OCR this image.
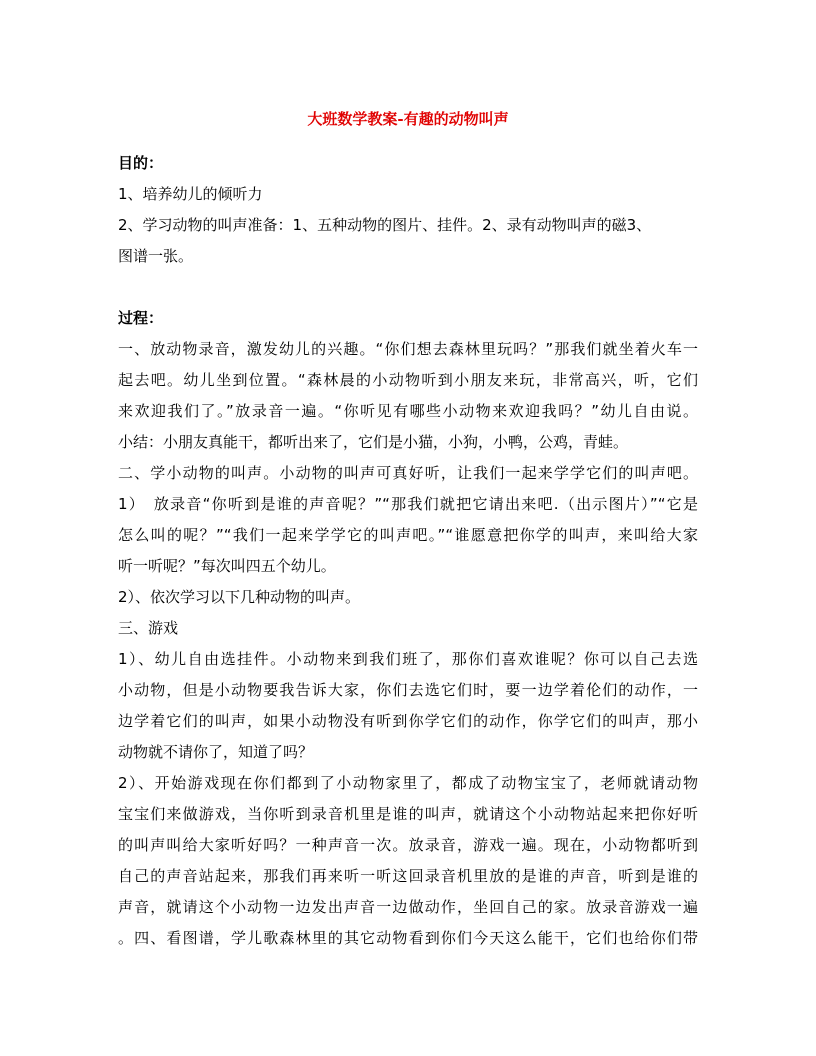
大班数学教案-有趣的动物叫声
目的：
1、培养幼儿的倾听力
2、学习动物的叫声准备：1、五种动物的图片、挂件。2、录有动物叫声的磁3、
图谱一张。
过程：
一、放动物录音，激发幼儿的兴趣。“你们想去森林里玩吗？”那我们就坐着火车一
起去吧。幼儿坐到位置。“森林晨的小动物听到小朋友来玩，非常高兴，听，它们
来欢迎我们了。”放录音一遍。“你听见有哪些小动物来欢迎我吗？”幼儿自由说。
小结：小朋友真能干，都听出来了，它们是小猫，小狗，小鸭，公鸡，青蛙。
二、学小动物的叫声。小动物的叫声可真好听，让我们一起来学学它们的叫声吧。
1）　放录音“你听到是谁的声音呢？”“那我们就把它请出来吧.（出示图片）”“它是
怎么叫的呢？”“我们一起来学学它的叫声吧。”“谁愿意把你学的叫声，来叫给大家
听一听呢？”每次叫四五个幼儿。
2）、依次学习以下几种动物的叫声。
三、游戏
1）、幼儿自由选挂件。小动物来到我们班了，那你们喜欢谁呢？你可以自己去选
小动物，但是小动物要我告诉大家，你们去选它们时，要一边学着伦们的动作，一
边学着它们的叫声，如果小动物没有听到你学它们的动作，你学它们的叫声，那小
动物就不请你了，知道了吗？
2）、开始游戏现在你们都到了小动物家里了，都成了动物宝宝了，老师就请动物
宝宝们来做游戏，当你听到录音机里是谁的叫声，就请这个小动物站起来把你好听
的叫声叫给大家听好吗？一种声音一次。放录音，游戏一遍。现在，小动物都听到
自己的声音站起来，那我们再来听一听这回录音机里放的是谁的声音，听到是谁的
声音，就请这个小动物一边发出声音一边做动作，坐回自己的家。放录音游戏一遍
。四、看图谱，学儿歌森林里的其它动物看到你们今天这么能干，它们也给你们带
